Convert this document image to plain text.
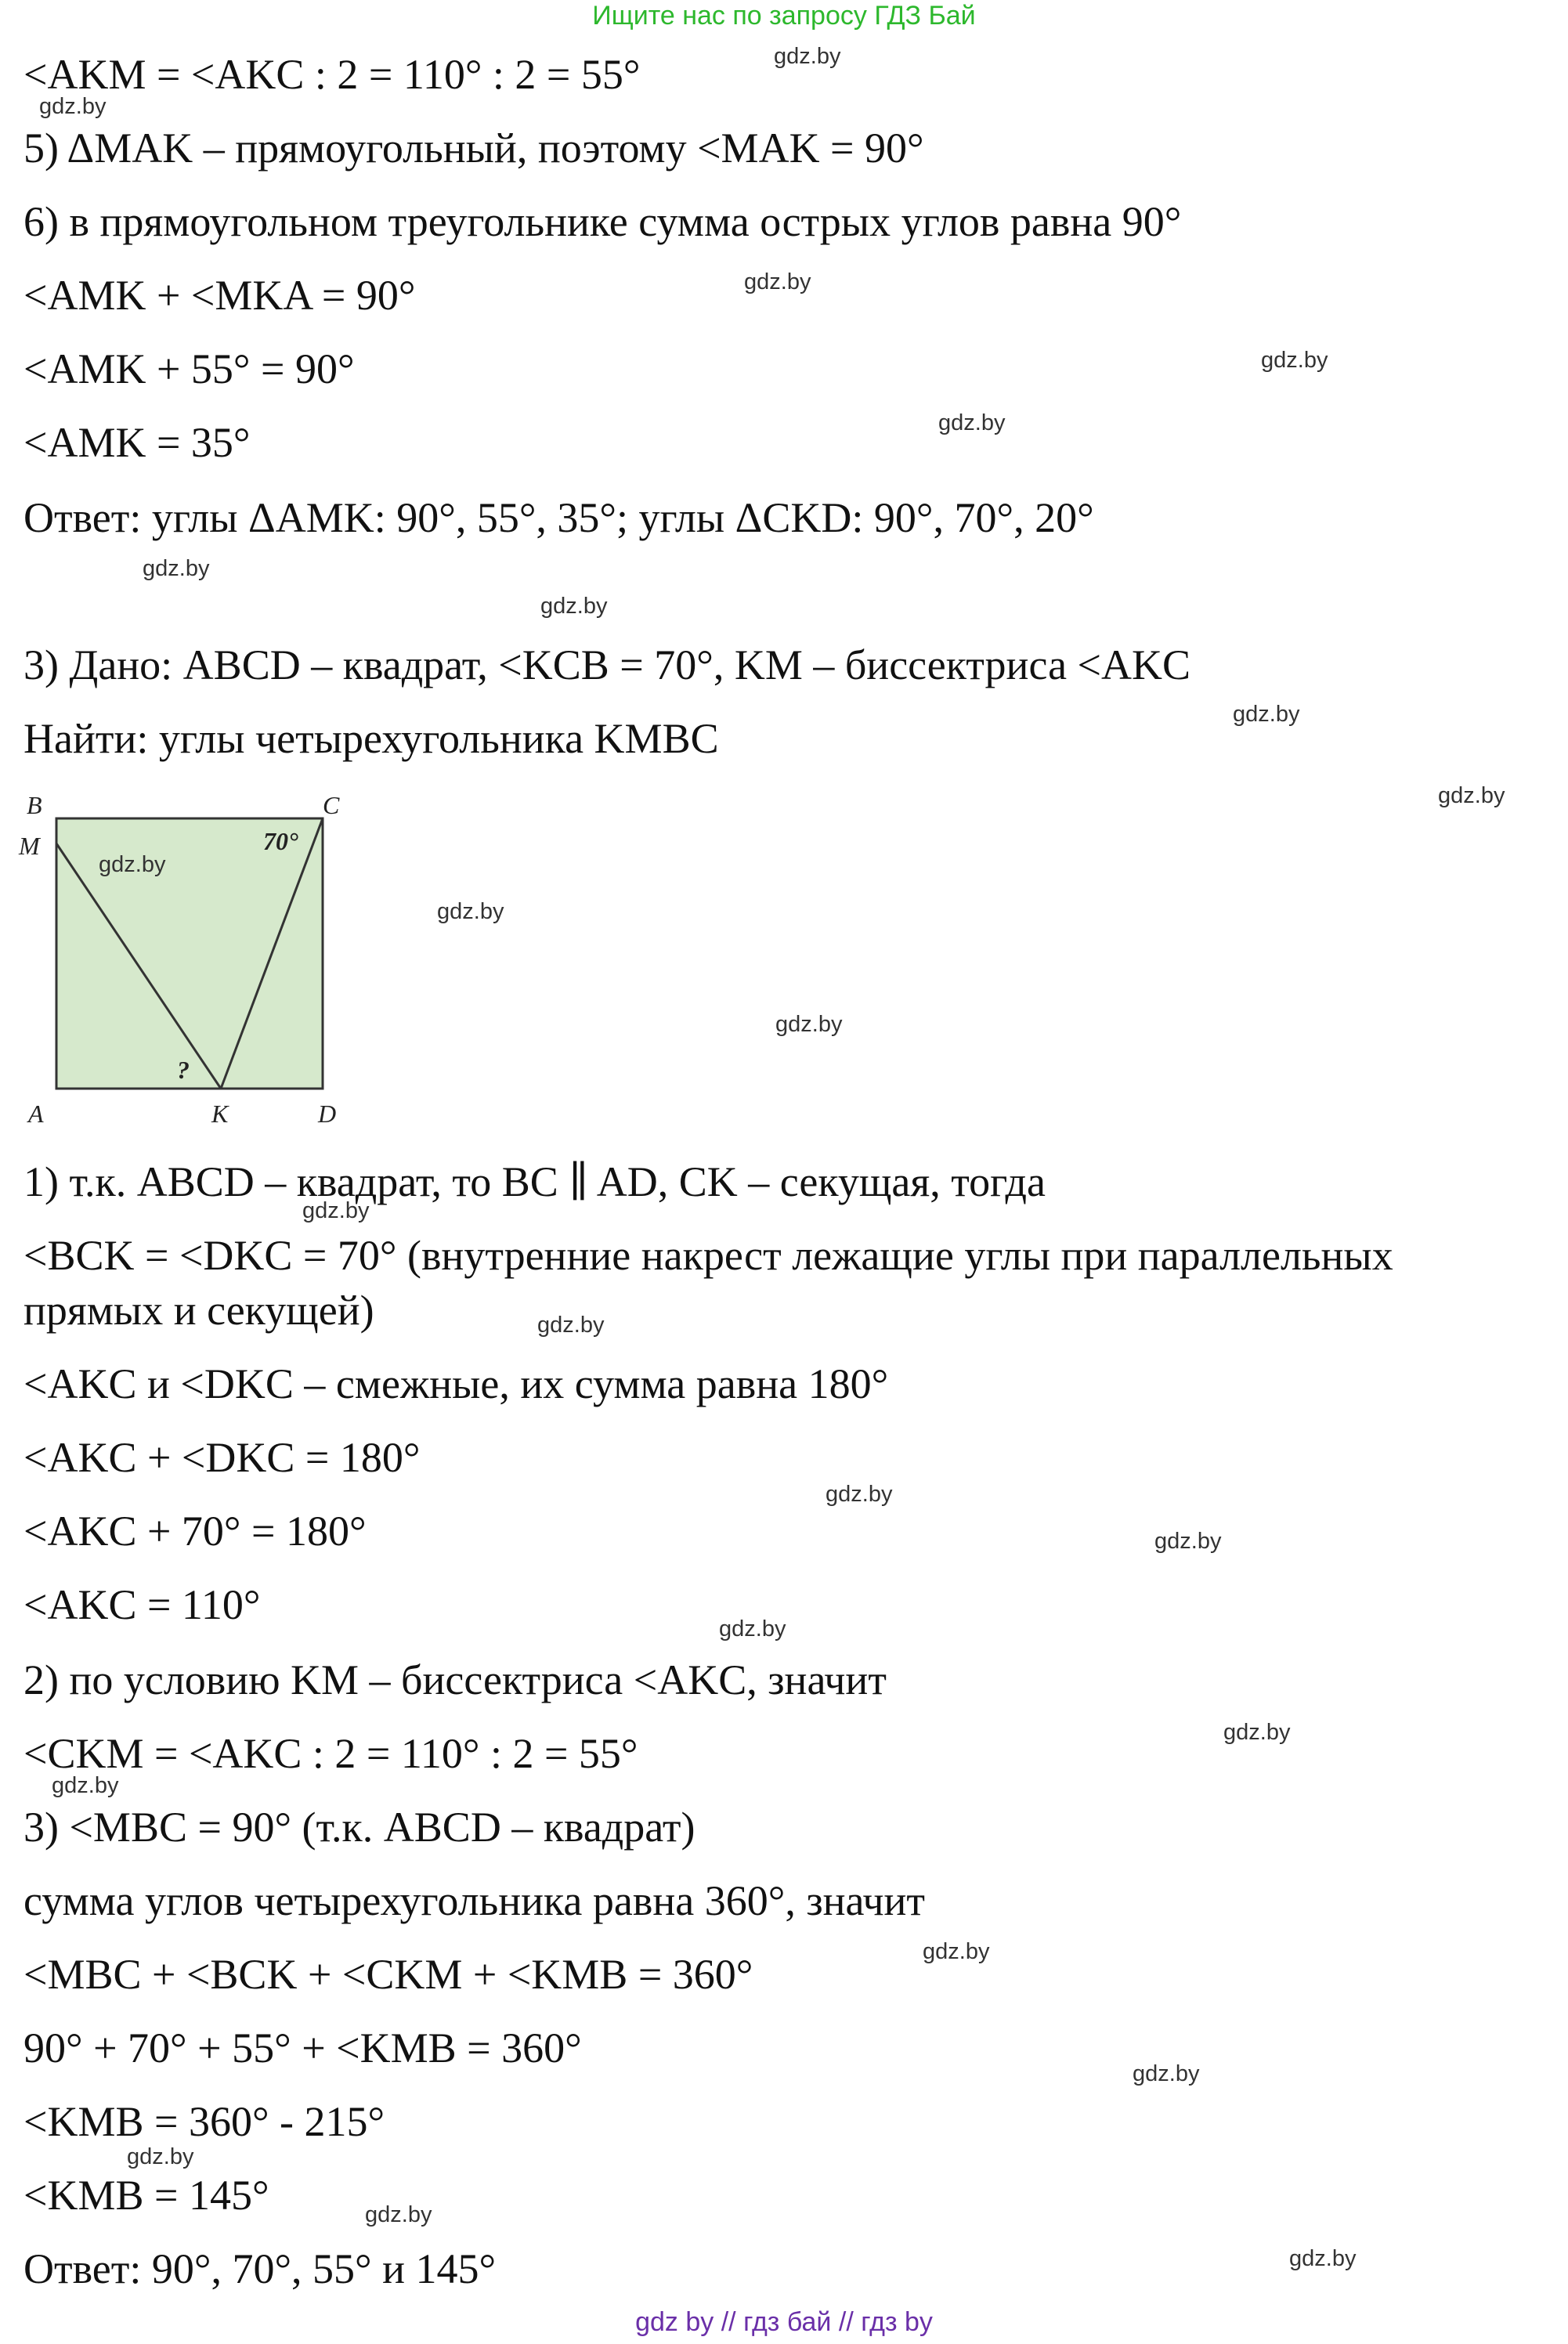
Ищите нас по запросу ГДЗ Бай
<AKM = <AKC : 2 = 110° : 2 = 55°
5) ΔMAK – прямоугольный, поэтому <MAK = 90°
6) в прямоугольном треугольнике сумма острых углов равна 90°
<AMK + <MKA = 90°
<AMK + 55° = 90°
<AMK = 35°
Ответ: углы ΔAMK: 90°, 55°, 35°; углы ΔCKD: 90°, 70°, 20°
3) Дано: ABCD – квадрат, <KCB = 70°, KM – биссектриса <AKC
Найти: углы четырехугольника KMBC
B	C
M
A	K	D
70°
?
1) т.к. ABCD – квадрат, то BC ∥ AD, CK – секущая, тогда
<BCK = <DKC = 70° (внутренние накрест лежащие углы при параллельных
прямых и секущей)
<AKC и <DKC – смежные, их сумма равна 180°
<AKC + <DKC = 180°
<AKC + 70° = 180°
<AKC = 110°
2) по условию KM – биссектриса <AKC, значит
<CKM = <AKC : 2 = 110° : 2 = 55°
3) <MBC = 90° (т.к. ABCD – квадрат)
сумма углов четырехугольника равна 360°, значит
<MBC + <BCK + <CKM + <KMB = 360°
90° + 70° + 55° + <KMB = 360°
<KMB = 360° - 215°
<KMB = 145°
Ответ: 90°, 70°, 55° и 145°
gdz.by
gdz.by
gdz.by
gdz.by
gdz.by
gdz.by
gdz.by
gdz.by
gdz.by
gdz.by
gdz.by
gdz.by
gdz.by
gdz.by
gdz.by
gdz.by
gdz.by
gdz.by
gdz.by
gdz.by
gdz.by
gdz.by
gdz.by
gdz.by
gdz by // гдз бай // гдз by
